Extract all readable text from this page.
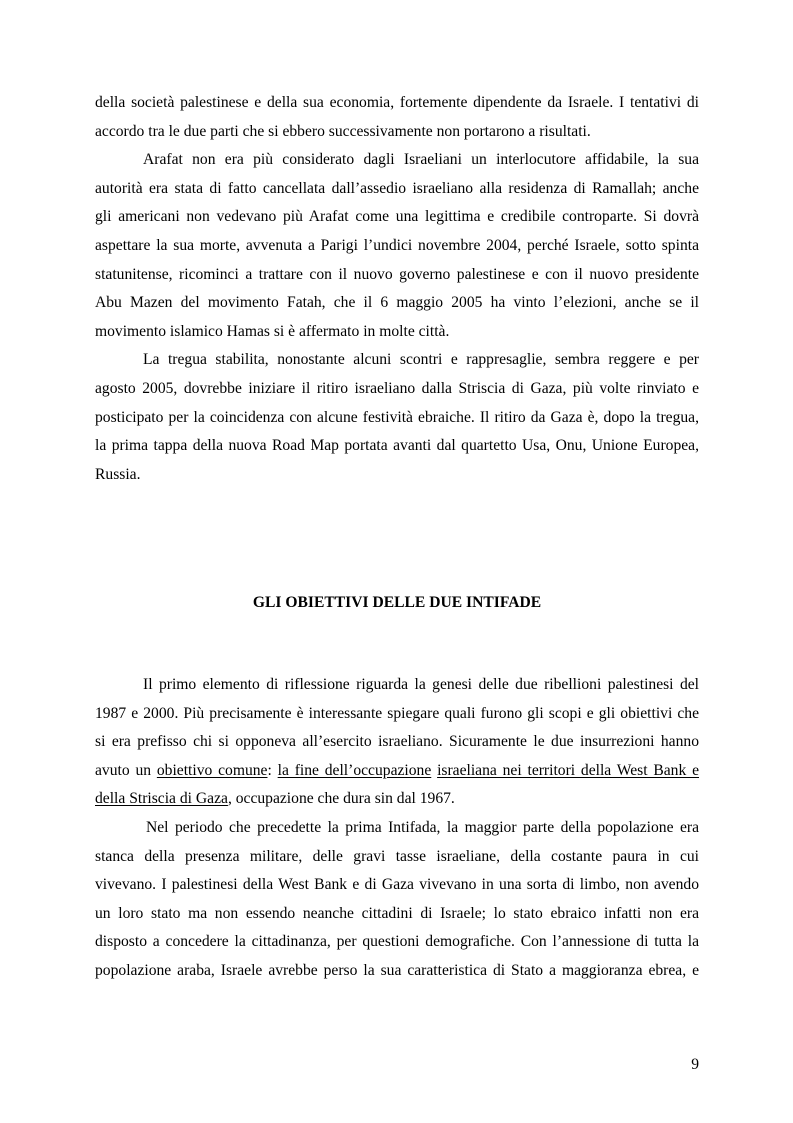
della società palestinese e della sua economia, fortemente dipendente da Israele. I tentativi di
accordo tra le due parti che si ebbero successivamente non portarono a risultati.
Arafat non era più considerato dagli Israeliani un interlocutore affidabile, la sua
autorità era stata di fatto cancellata dall’assedio israeliano alla residenza di Ramallah; anche
gli americani non vedevano più Arafat come una legittima e credibile controparte. Si dovrà
aspettare la sua morte, avvenuta a Parigi l’undici novembre 2004, perché Israele, sotto spinta
statunitense, ricominci a trattare con il nuovo governo palestinese e con il nuovo presidente
Abu Mazen del movimento Fatah, che il 6 maggio 2005 ha vinto l’elezioni, anche se il
movimento islamico Hamas si è affermato in molte città.
La tregua stabilita, nonostante alcuni scontri e rappresaglie, sembra reggere e per
agosto 2005, dovrebbe iniziare il ritiro israeliano dalla Striscia di Gaza, più volte rinviato e
posticipato per la coincidenza con alcune festività ebraiche. Il ritiro da Gaza è, dopo la tregua,
la prima tappa della nuova Road Map portata avanti dal quartetto Usa, Onu, Unione Europea,
Russia.
GLI OBIETTIVI DELLE DUE INTIFADE
Il primo elemento di riflessione riguarda la genesi delle due ribellioni palestinesi del
1987 e 2000. Più precisamente è interessante spiegare quali furono gli scopi e gli obiettivi che
si era prefisso chi si opponeva all’esercito israeliano. Sicuramente le due insurrezioni hanno
avuto un obiettivo comune: la fine dell’occupazione israeliana nei territori della West Bank e
della Striscia di Gaza, occupazione che dura sin dal 1967.
Nel periodo che precedette la prima Intifada, la maggior parte della popolazione era
stanca della presenza militare, delle gravi tasse israeliane, della costante paura in cui
vivevano. I palestinesi della West Bank e di Gaza vivevano in una sorta di limbo, non avendo
un loro stato ma non essendo neanche cittadini di Israele; lo stato ebraico infatti non era
disposto a concedere la cittadinanza, per questioni demografiche. Con l’annessione di tutta la
popolazione araba, Israele avrebbe perso la sua caratteristica di Stato a maggioranza ebrea, e
9
